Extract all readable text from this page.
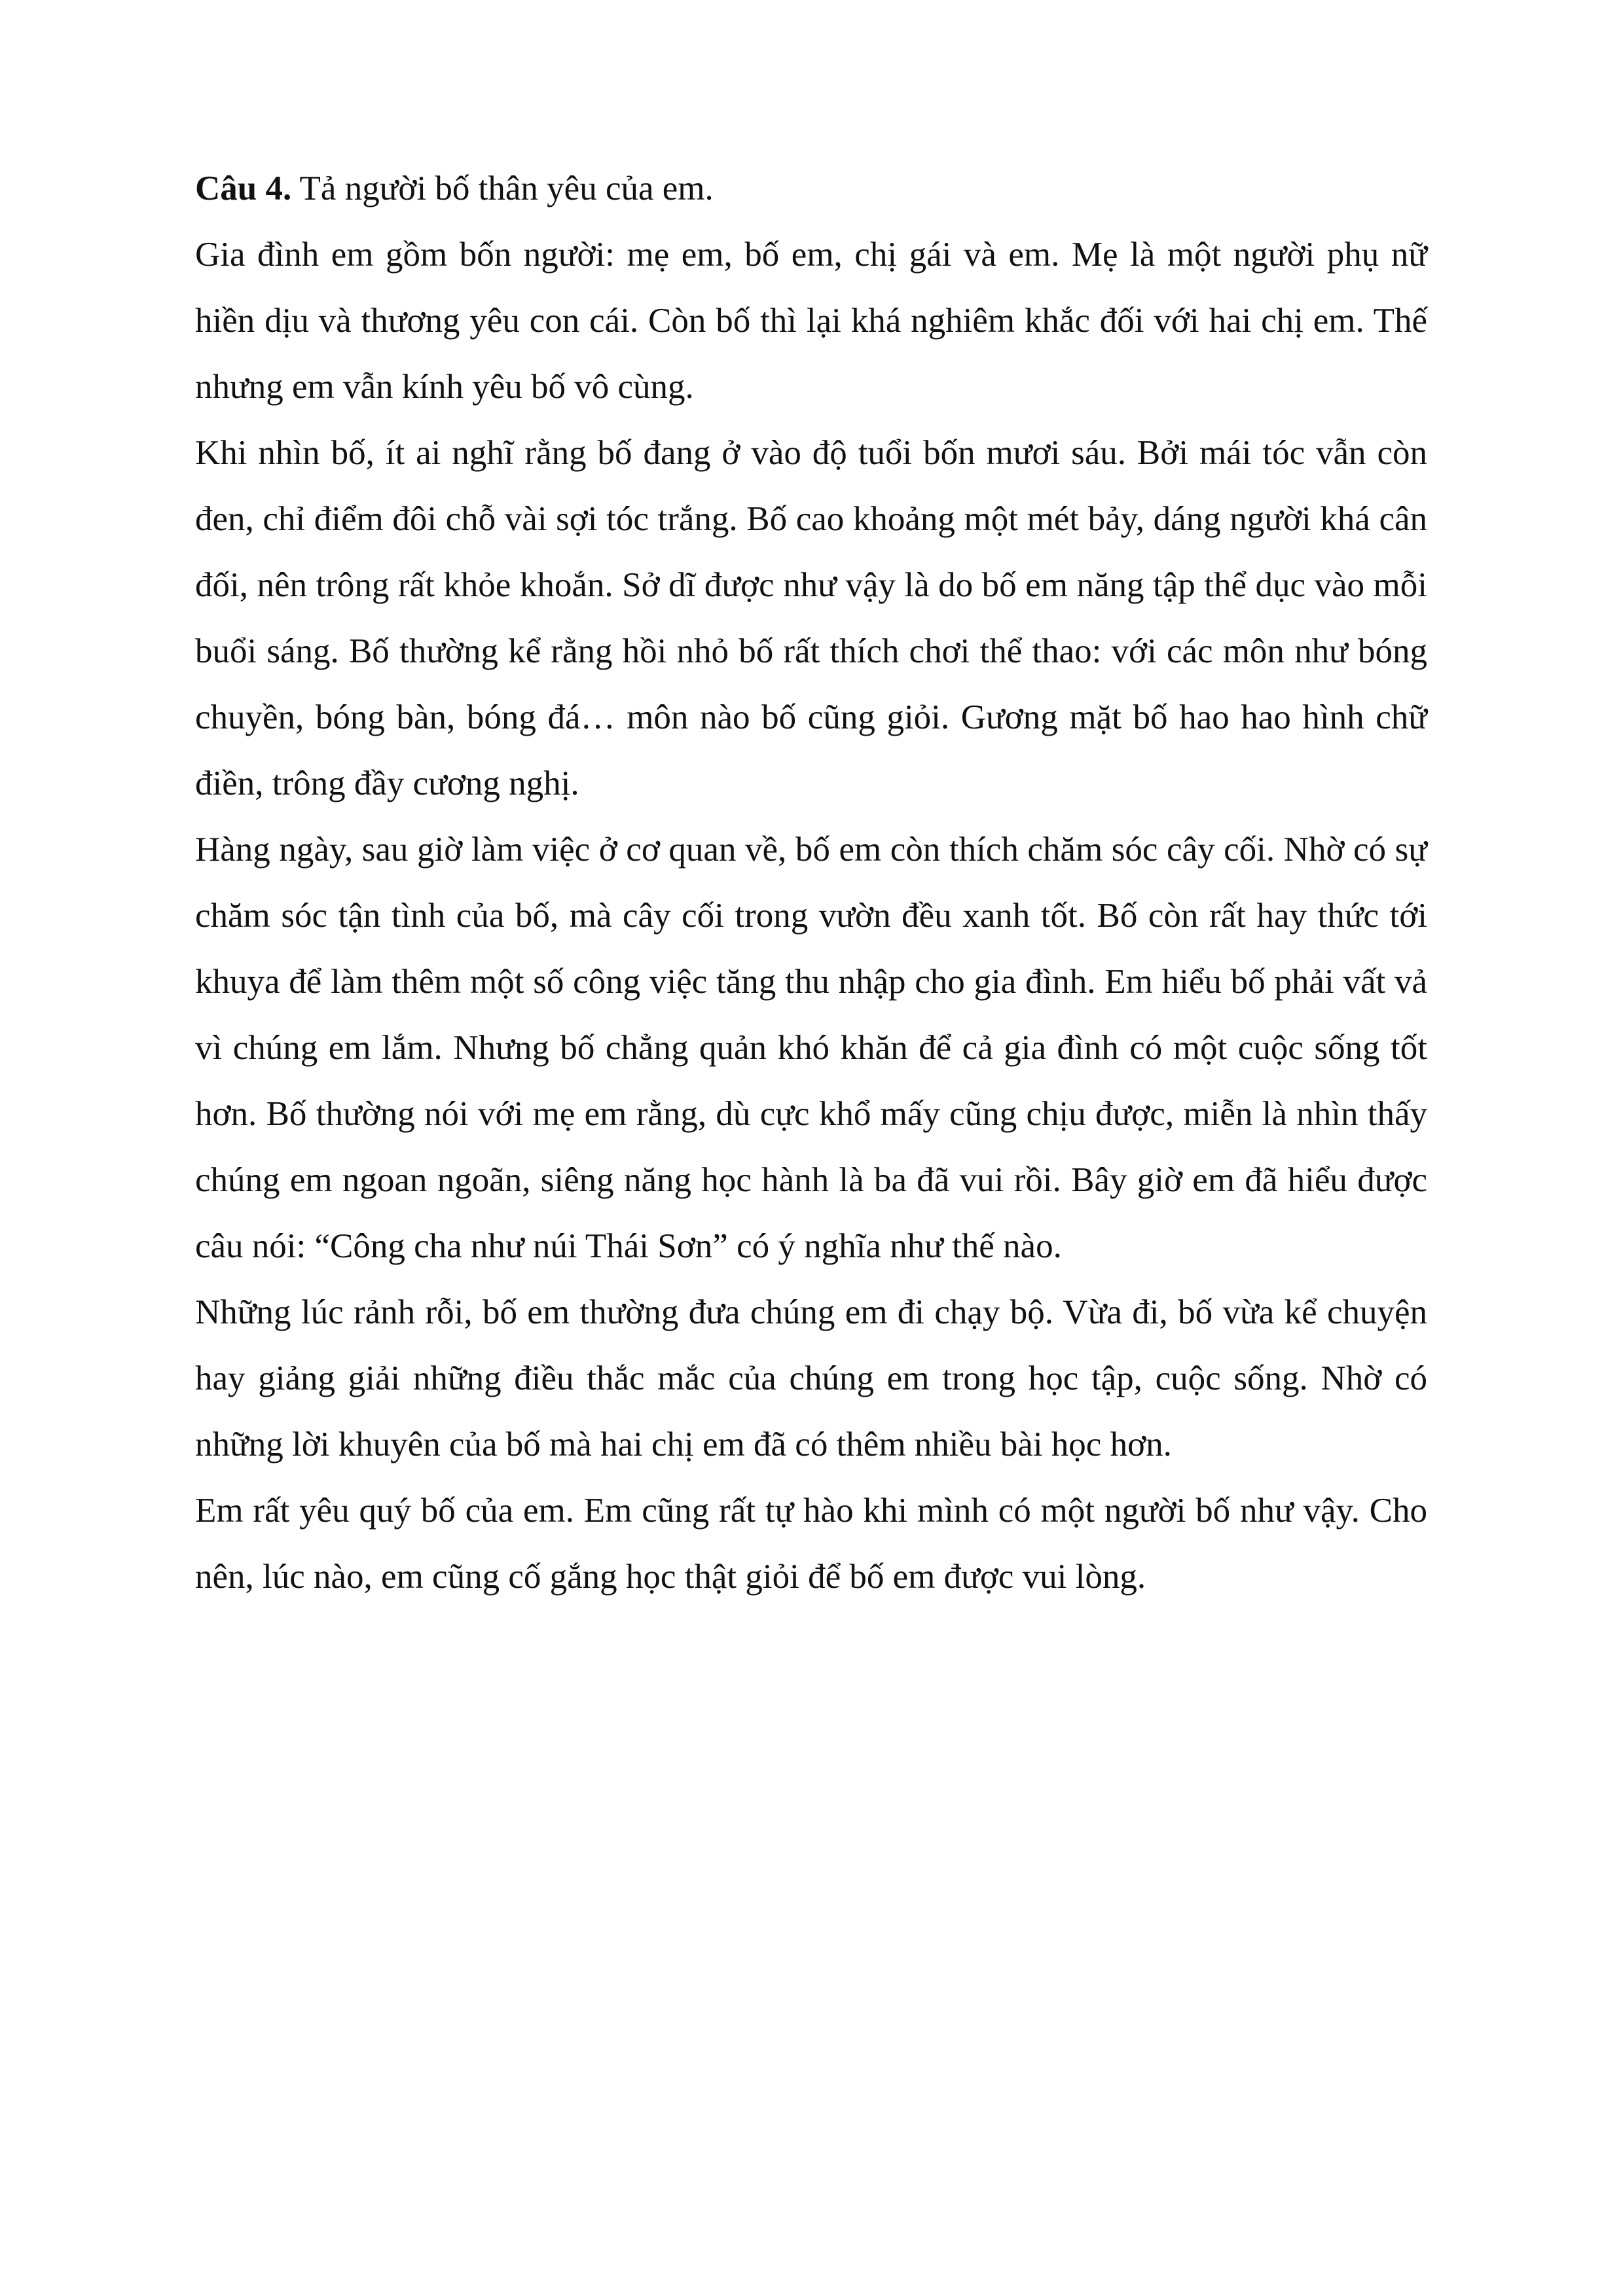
Câu 4. Tả người bố thân yêu của em.

Gia đình em gồm bốn người: mẹ em, bố em, chị gái và em. Mẹ là một người phụ nữ hiền dịu và thương yêu con cái. Còn bố thì lại khá nghiêm khắc đối với hai chị em. Thế nhưng em vẫn kính yêu bố vô cùng.

Khi nhìn bố, ít ai nghĩ rằng bố đang ở vào độ tuổi bốn mươi sáu. Bởi mái tóc vẫn còn đen, chỉ điểm đôi chỗ vài sợi tóc trắng. Bố cao khoảng một mét bảy, dáng người khá cân đối, nên trông rất khỏe khoắn. Sở dĩ được như vậy là do bố em năng tập thể dục vào mỗi buổi sáng. Bố thường kể rằng hồi nhỏ bố rất thích chơi thể thao: với các môn như bóng chuyền, bóng bàn, bóng đá… môn nào bố cũng giỏi. Gương mặt bố hao hao hình chữ điền, trông đầy cương nghị.

Hàng ngày, sau giờ làm việc ở cơ quan về, bố em còn thích chăm sóc cây cối. Nhờ có sự chăm sóc tận tình của bố, mà cây cối trong vườn đều xanh tốt. Bố còn rất hay thức tới khuya để làm thêm một số công việc tăng thu nhập cho gia đình. Em hiểu bố phải vất vả vì chúng em lắm. Nhưng bố chẳng quản khó khăn để cả gia đình có một cuộc sống tốt hơn. Bố thường nói với mẹ em rằng, dù cực khổ mấy cũng chịu được, miễn là nhìn thấy chúng em ngoan ngoãn, siêng năng học hành là ba đã vui rồi. Bây giờ em đã hiểu được câu nói: “Công cha như núi Thái Sơn” có ý nghĩa như thế nào.

Những lúc rảnh rỗi, bố em thường đưa chúng em đi chạy bộ. Vừa đi, bố vừa kể chuyện hay giảng giải những điều thắc mắc của chúng em trong học tập, cuộc sống. Nhờ có những lời khuyên của bố mà hai chị em đã có thêm nhiều bài học hơn.

Em rất yêu quý bố của em. Em cũng rất tự hào khi mình có một người bố như vậy. Cho nên, lúc nào, em cũng cố gắng học thật giỏi để bố em được vui lòng.
